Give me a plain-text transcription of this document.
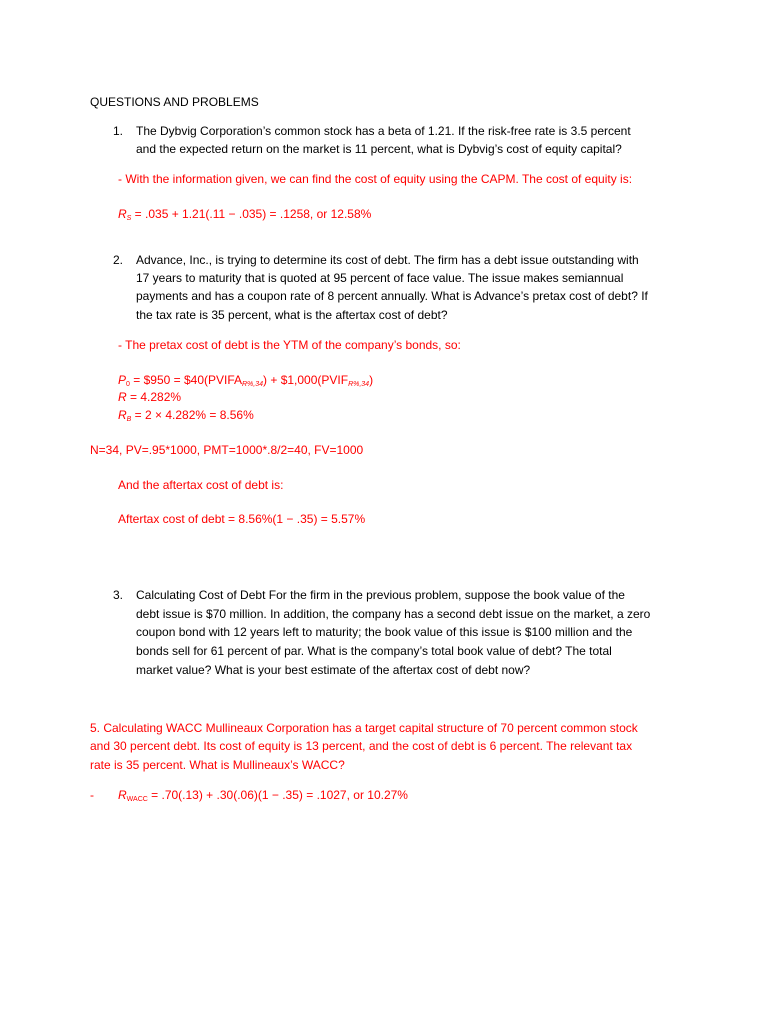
QUESTIONS AND PROBLEMS
1. The Dybvig Corporation’s common stock has a beta of 1.21. If the risk-free rate is 3.5 percent
and the expected return on the market is 11 percent, what is Dybvig’s cost of equity capital?
- With the information given, we can find the cost of equity using the CAPM. The cost of equity is:
$R_S = .035 + 1.21(.11 - .035) = .1258$, or 12.58%
2. Advance, Inc., is trying to determine its cost of debt. The firm has a debt issue outstanding with
17 years to maturity that is quoted at 95 percent of face value. The issue makes semiannual
payments and has a coupon rate of 8 percent annually. What is Advance’s pretax cost of debt? If
the tax rate is 35 percent, what is the aftertax cost of debt?
- The pretax cost of debt is the YTM of the company’s bonds, so:
$P_0$ = $950 = $\$40(PVIFA_{R\%,34})$ + $\$1,000(PVIF_{R\%,34})$
R = 4.282%
$R_B = 2 \times 4.282\% = 8.56\%$
N=34, PV=.95*1000, PMT=1000*.8/2=40, FV=1000
And the aftertax cost of debt is:
Aftertax cost of debt = 8.56%(1 − .35) = 5.57%
3. Calculating Cost of Debt For the firm in the previous problem, suppose the book value of the
debt issue is $70 million. In addition, the company has a second debt issue on the market, a zero
coupon bond with 12 years left to maturity; the book value of this issue is $100 million and the
bonds sell for 61 percent of par. What is the company’s total book value of debt? The total
market value? What is your best estimate of the aftertax cost of debt now?
5. Calculating WACC Mullineaux Corporation has a target capital structure of 70 percent common stock
and 30 percent debt. Its cost of equity is 13 percent, and the cost of debt is 6 percent. The relevant tax
rate is 35 percent. What is Mullineaux’s WACC?
- $R_{WACC} = .70(.13) + .30(.06)(1 - .35) = .1027$, or 10.27%
